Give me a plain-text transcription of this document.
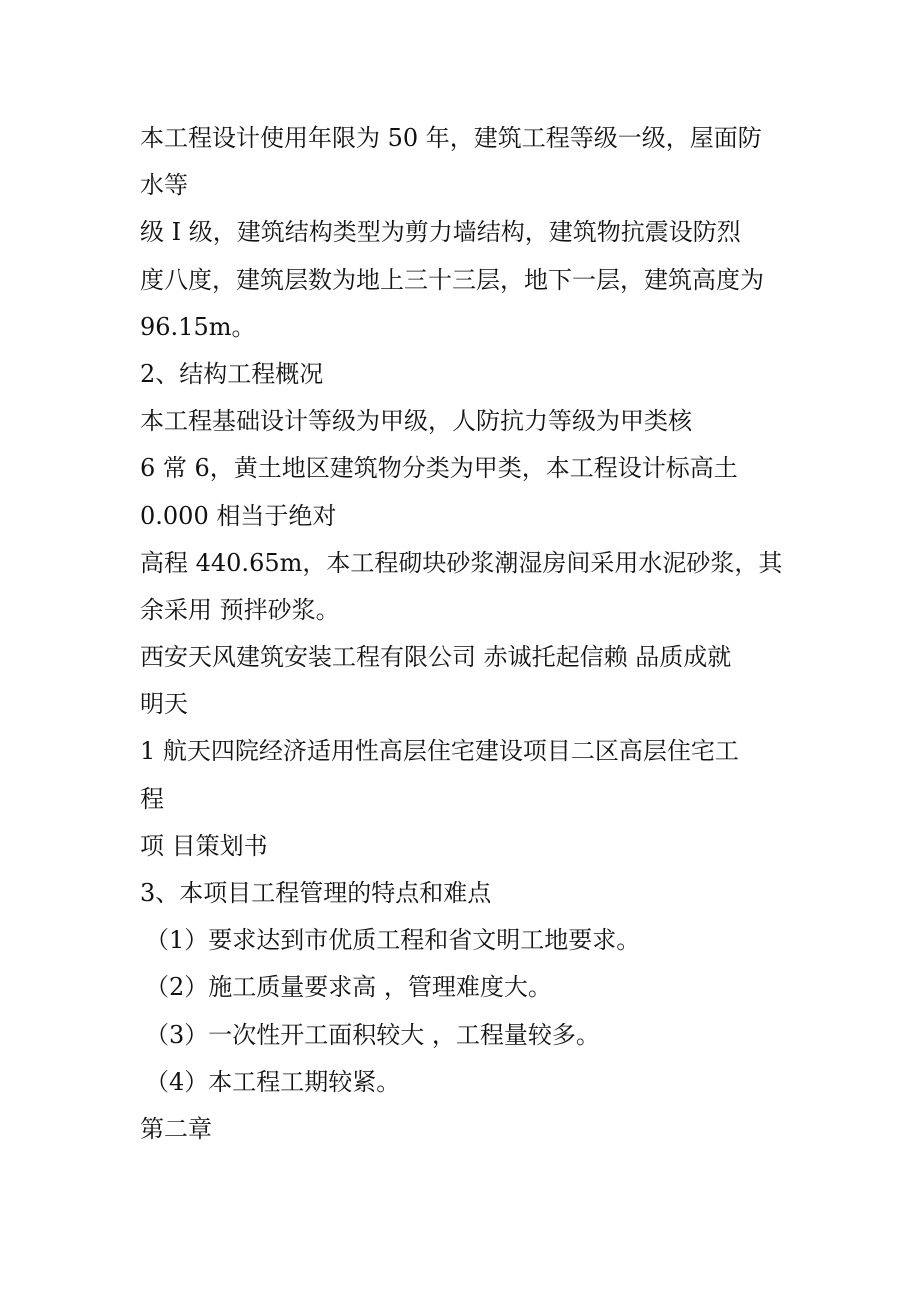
本工程设计使用年限为 50 年，建筑工程等级一级，屋面防
水等
级 I 级，建筑结构类型为剪力墙结构，建筑物抗震设防烈
度八度，建筑层数为地上三十三层，地下一层，建筑高度为
96.15m。
2、结构工程概况
本工程基础设计等级为甲级，人防抗力等级为甲类核
6 常 6，黄土地区建筑物分类为甲类，本工程设计标高土
0.000 相当于绝对
高程 440.65m，本工程砌块砂浆潮湿房间采用水泥砂浆，其
余采用 预拌砂浆。
西安天风建筑安装工程有限公司 赤诚托起信赖 品质成就
明天
1 航天四院经济适用性高层住宅建设项目二区高层住宅工
程
项 目策划书
3、本项目工程管理的特点和难点
（1）要求达到市优质工程和省文明工地要求。
（2）施工质量要求高 ，管理难度大。
（3）一次性开工面积较大 ，工程量较多。
（4）本工程工期较紧。
第二章
